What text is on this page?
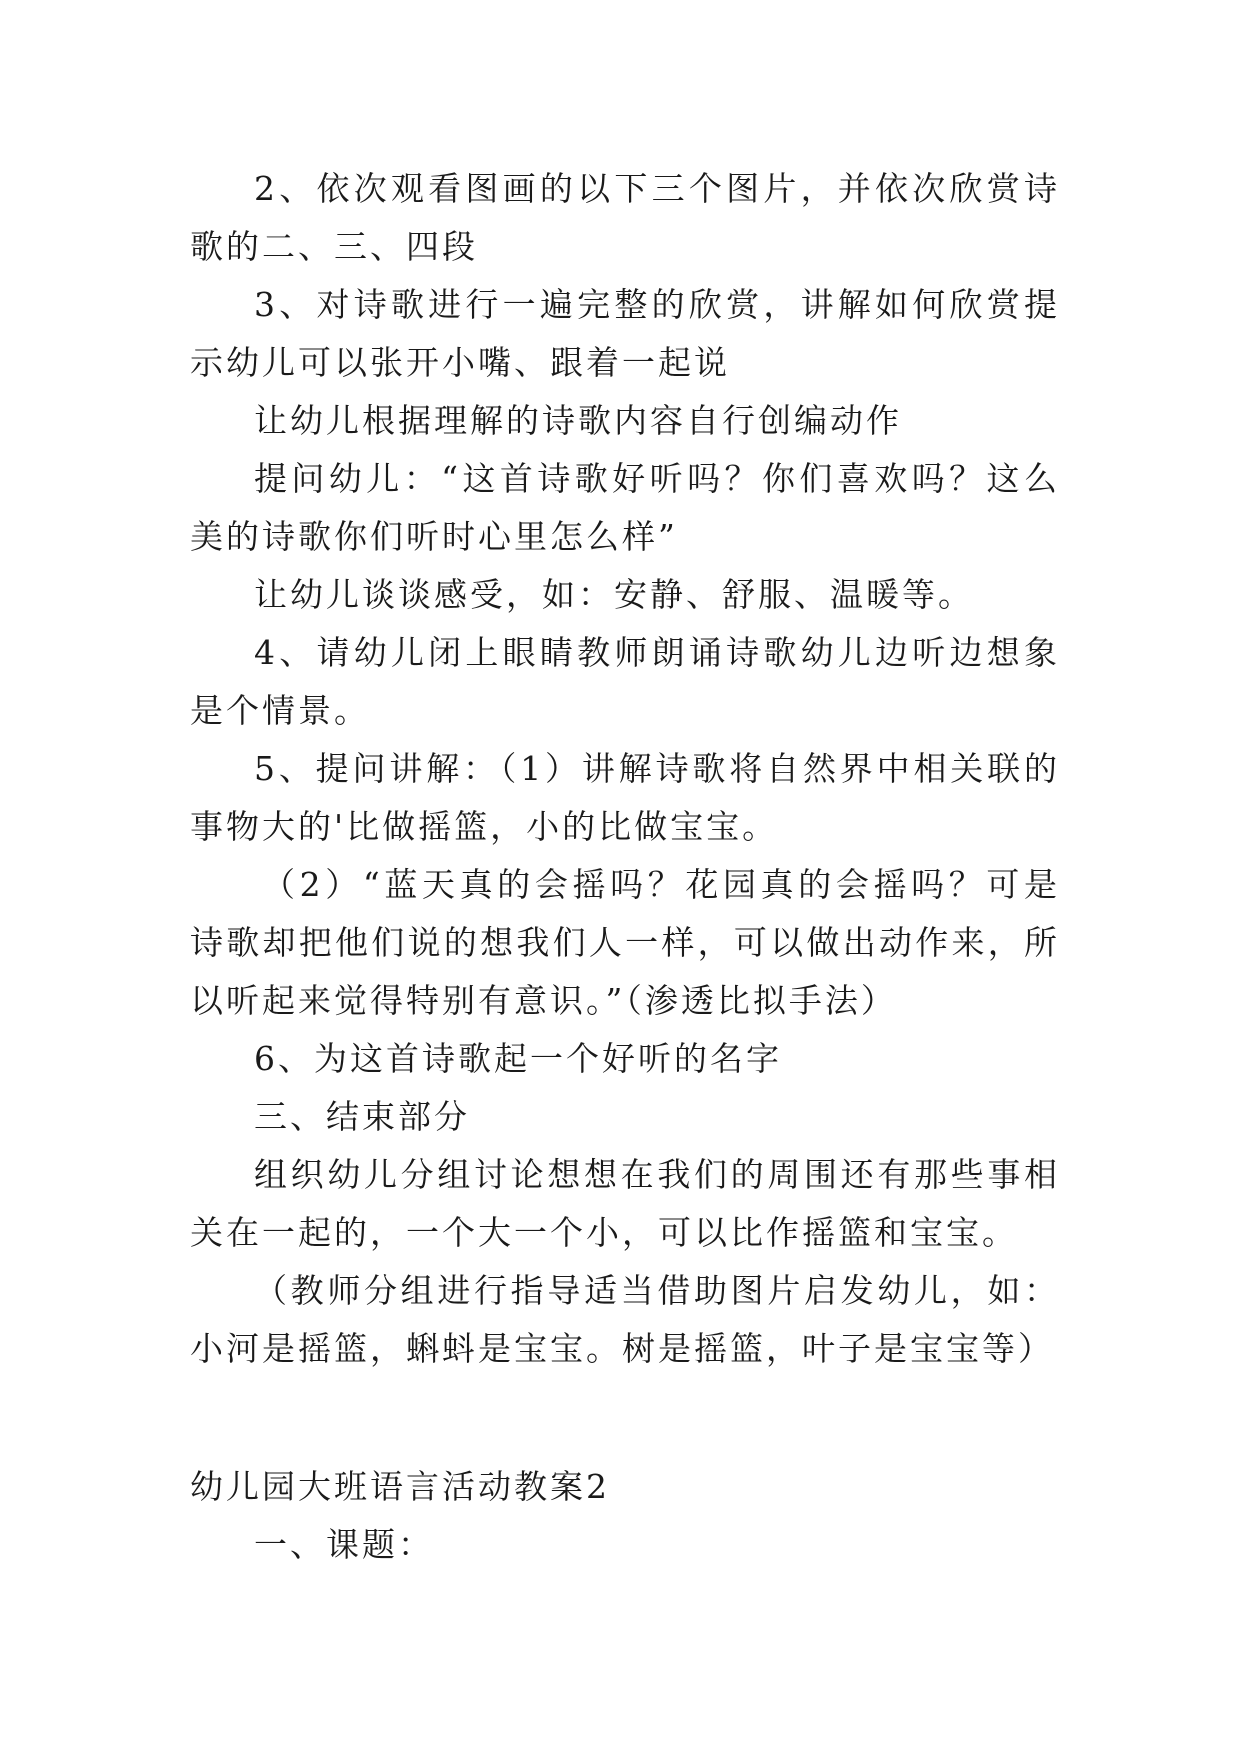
2、依次观看图画的以下三个图片，并依次欣赏诗歌的二、三、四段

3、对诗歌进行一遍完整的欣赏，讲解如何欣赏提示幼儿可以张开小嘴、跟着一起说

让幼儿根据理解的诗歌内容自行创编动作

提问幼儿：“这首诗歌好听吗？你们喜欢吗？这么美的诗歌你们听时心里怎么样”

让幼儿谈谈感受，如：安静、舒服、温暖等。

4、请幼儿闭上眼睛教师朗诵诗歌幼儿边听边想象是个情景。

5、提问讲解：（1）讲解诗歌将自然界中相关联的事物大的'比做摇篮，小的比做宝宝。

（2）“蓝天真的会摇吗？花园真的会摇吗？可是诗歌却把他们说的想我们人一样，可以做出动作来，所以听起来觉得特别有意识。”（渗透比拟手法）

6、为这首诗歌起一个好听的名字

三、结束部分

组织幼儿分组讨论想想在我们的周围还有那些事相关在一起的，一个大一个小，可以比作摇篮和宝宝。

（教师分组进行指导适当借助图片启发幼儿，如：小河是摇篮，蝌蚪是宝宝。树是摇篮，叶子是宝宝等）

幼儿园大班语言活动教案2

一、课题：
